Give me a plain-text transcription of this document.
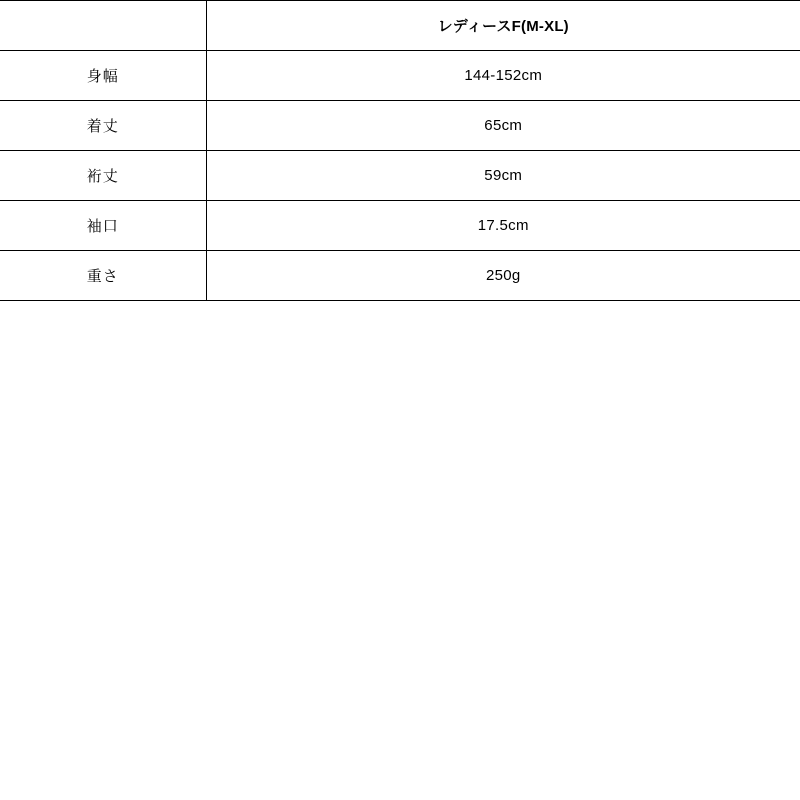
	レディースF(M-XL)
身幅	144-152cm
着丈	65cm
裄丈	59cm
袖口	17.5cm
重さ	250g
